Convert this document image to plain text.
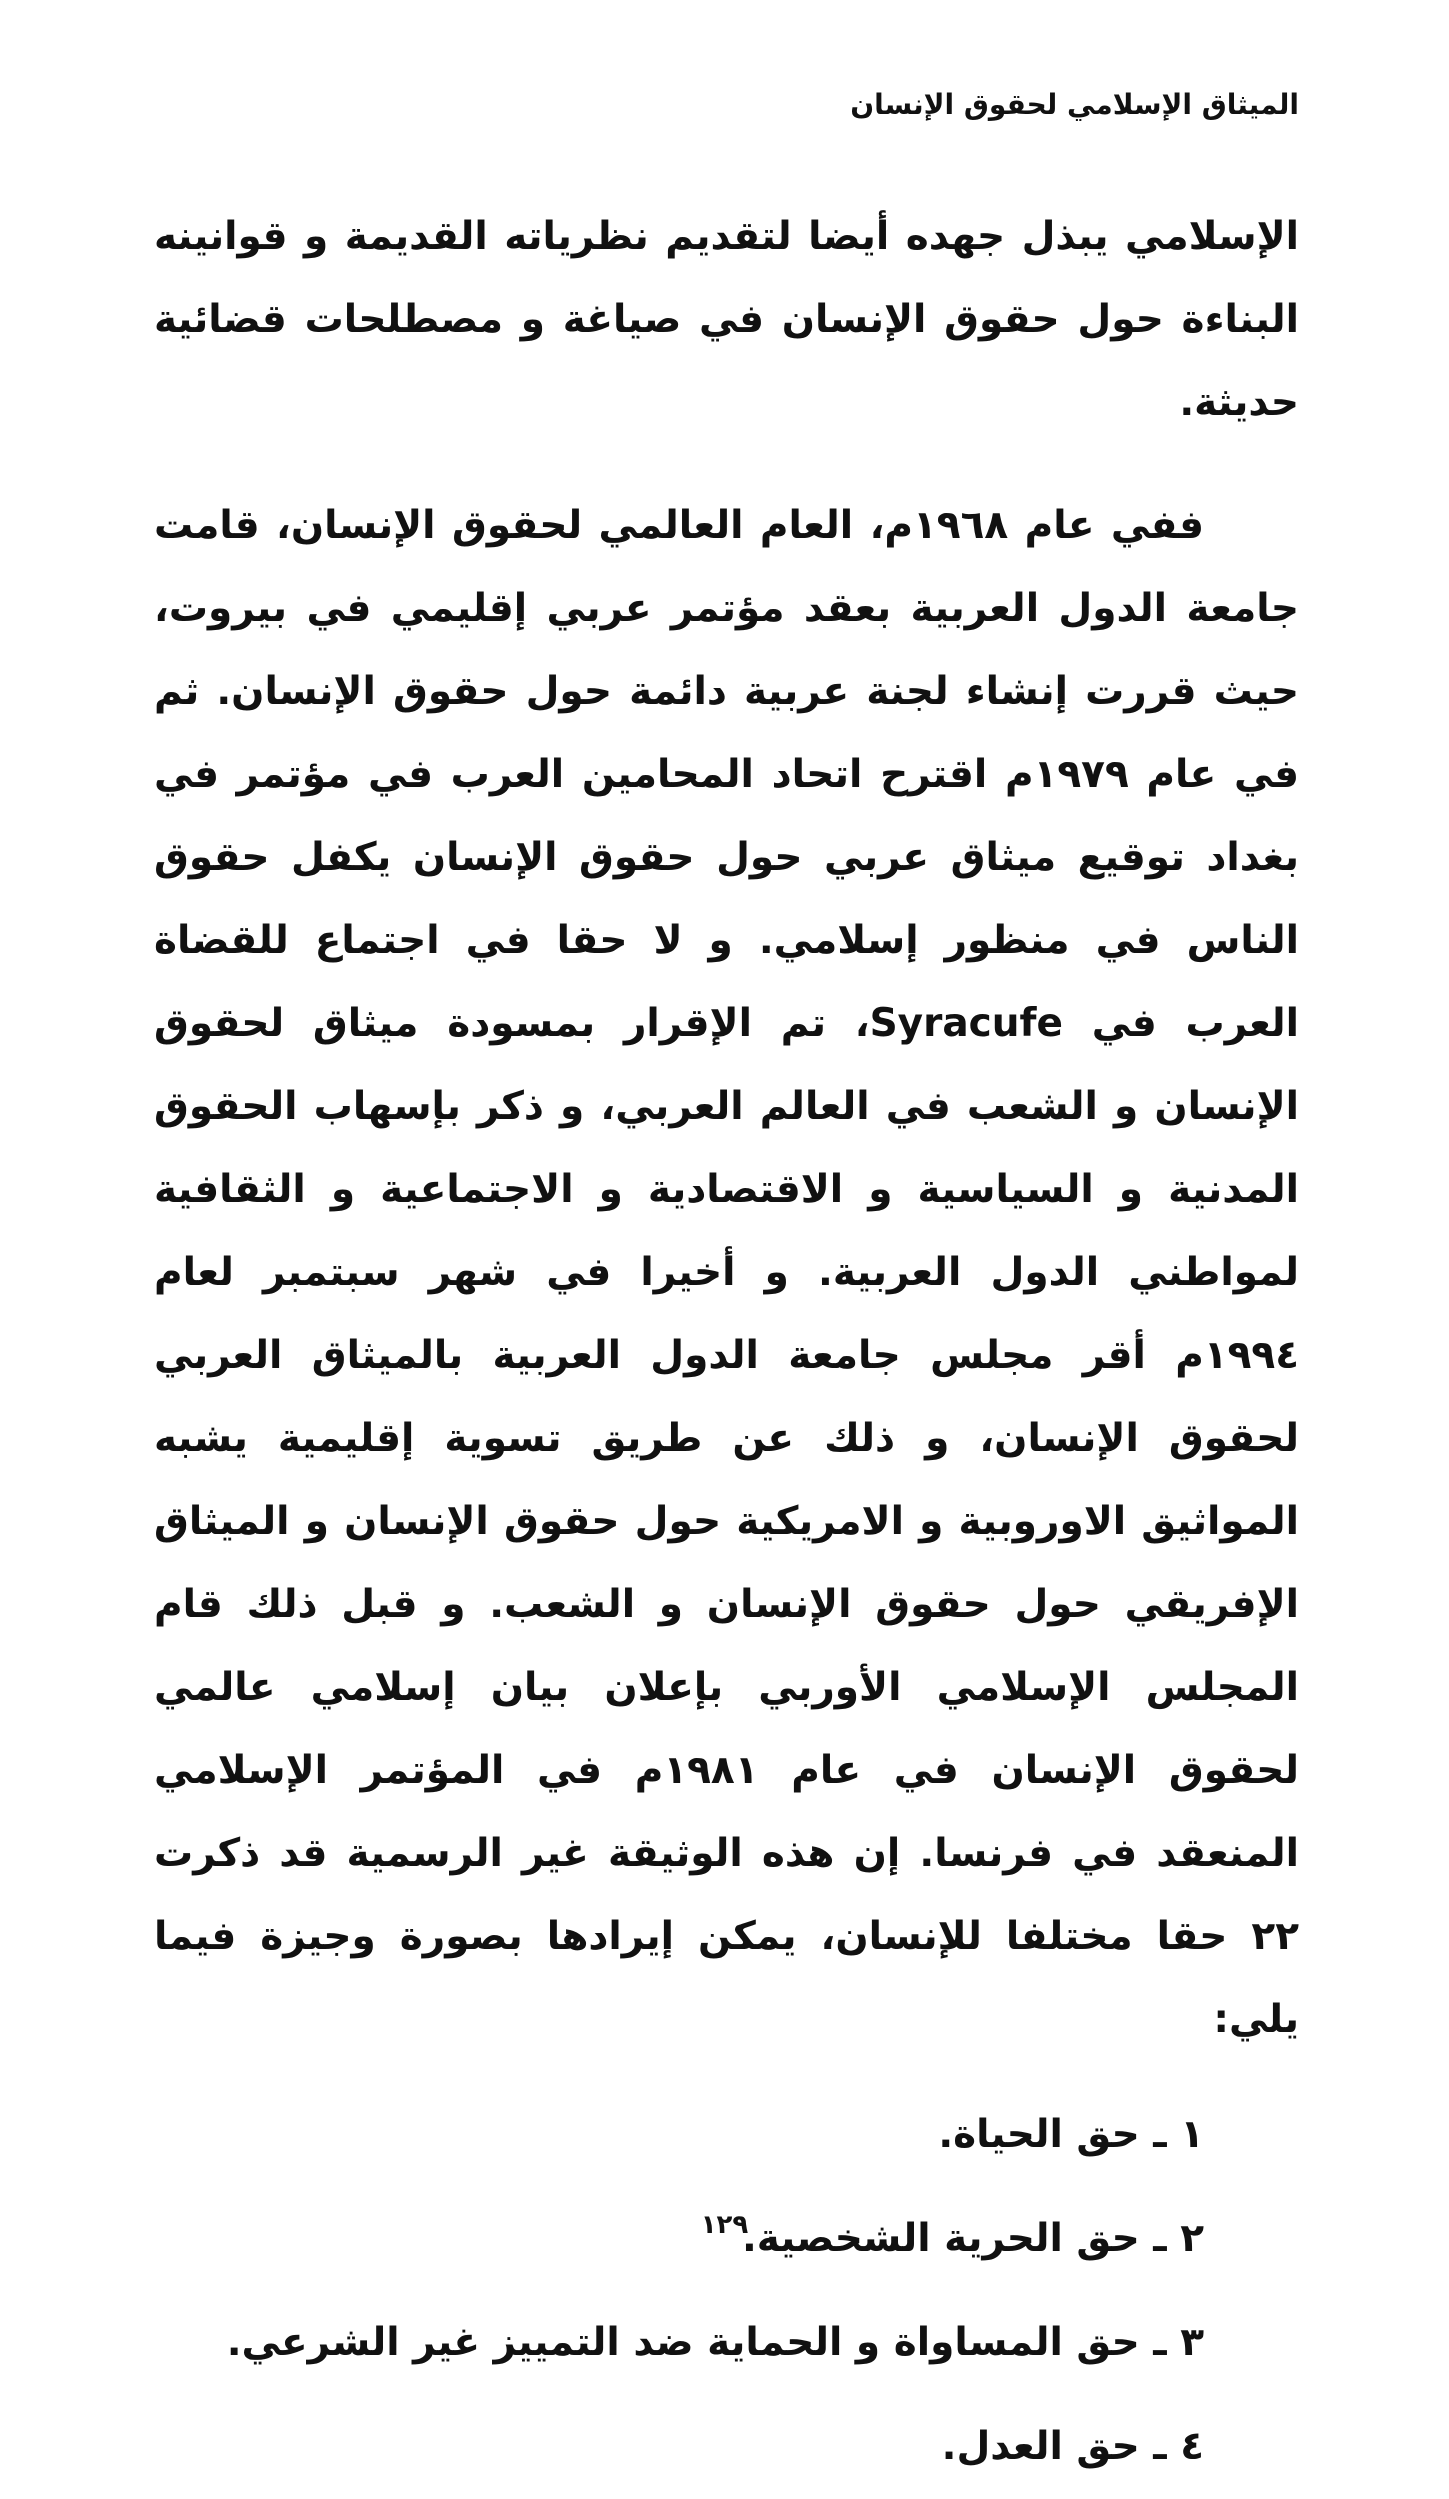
الميثاق الإسلامي لحقوق الإنسان

الإسلامي يبذل جهده أيضا لتقديم نظرياته القديمة و قوانينه البناءة حول حقوق الإنسان في صياغة و مصطلحات قضائية حديثة.

ففي عام ١٩٦٨م، العام العالمي لحقوق الإنسان، قامت جامعة الدول العربية بعقد مؤتمر عربي إقليمي في بيروت، حيث قررت إنشاء لجنة عربية دائمة حول حقوق الإنسان. ثم في عام ١٩٧٩م اقترح اتحاد المحامين العرب في مؤتمر في بغداد توقيع ميثاق عربي حول حقوق الإنسان يكفل حقوق الناس في منظور إسلامي. و لا حقا في اجتماع للقضاة العرب في Syracufe، تم الإقرار بمسودة ميثاق لحقوق الإنسان و الشعب في العالم العربي، و ذكر بإسهاب الحقوق المدنية و السياسية و الاقتصادية و الاجتماعية و الثقافية لمواطني الدول العربية. و أخيرا في شهر سبتمبر لعام ١٩٩٤م أقر مجلس جامعة الدول العربية بالميثاق العربي لحقوق الإنسان، و ذلك عن طريق تسوية إقليمية يشبه المواثيق الاوروبية و الامريكية حول حقوق الإنسان و الميثاق الإفريقي حول حقوق الإنسان و الشعب. و قبل ذلك قام المجلس الإسلامي الأوربي بإعلان بيان إسلامي عالمي لحقوق الإنسان في عام ١٩٨١م في المؤتمر الإسلامي المنعقد في فرنسا. إن هذه الوثيقة غير الرسمية قد ذكرت ٢٢ حقا مختلفا للإنسان، يمكن إيرادها بصورة وجيزة فيما يلي:

١ ـ حق الحياة.
٢ ـ حق الحرية الشخصية.
٣ ـ حق المساواة و الحماية ضد التمييز غير الشرعي.
٤ ـ حق العدل.
١٢٩
